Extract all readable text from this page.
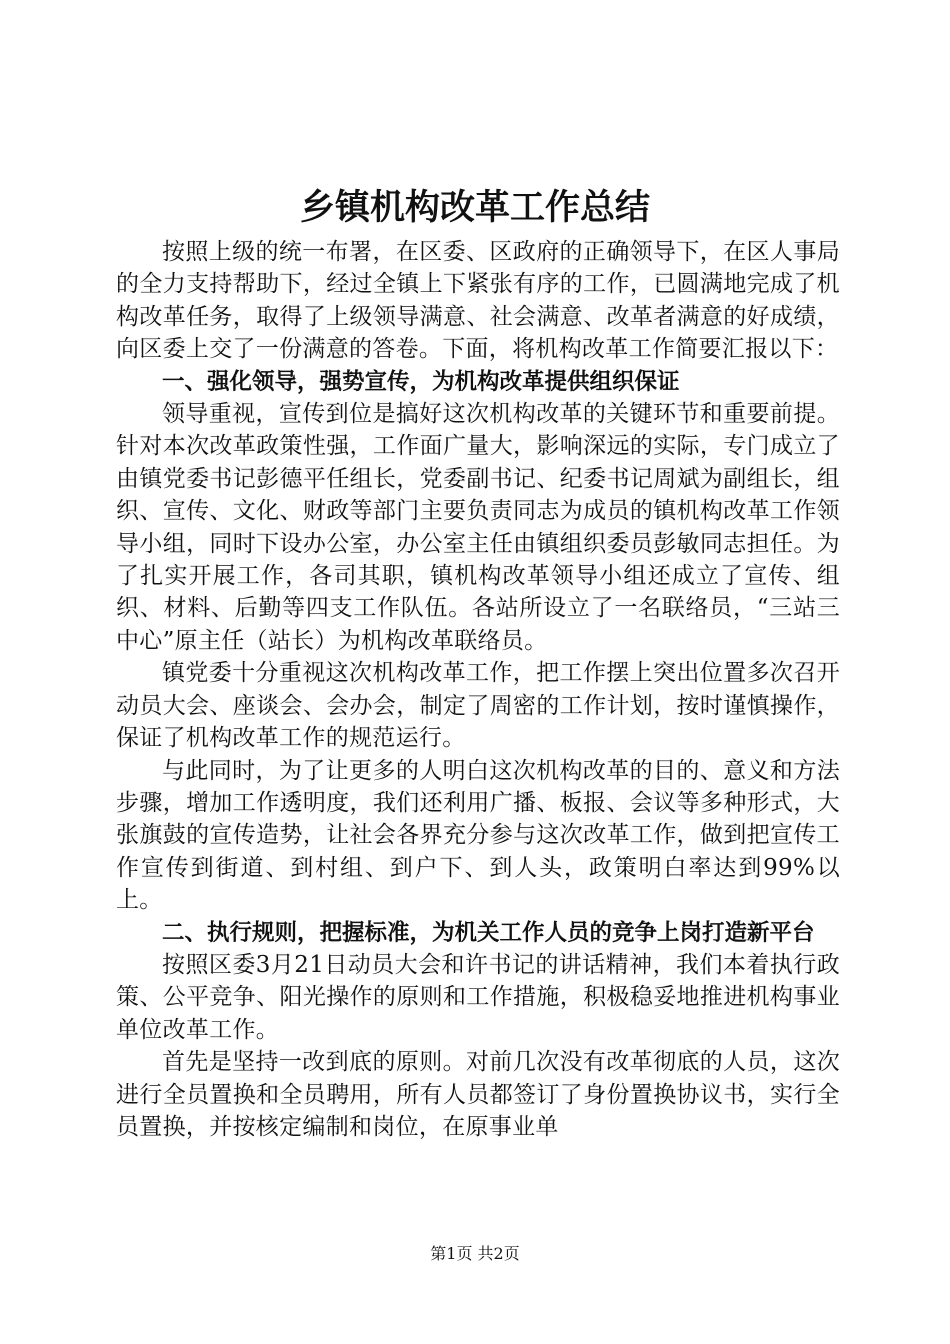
乡镇机构改革工作总结

按照上级的统一布署，在区委、区政府的正确领导下，在区人事局的全力支持帮助下，经过全镇上下紧张有序的工作，已圆满地完成了机构改革任务，取得了上级领导满意、社会满意、改革者满意的好成绩，向区委上交了一份满意的答卷。下面，将机构改革工作简要汇报以下：

一、强化领导，强势宣传，为机构改革提供组织保证

领导重视，宣传到位是搞好这次机构改革的关键环节和重要前提。针对本次改革政策性强，工作面广量大，影响深远的实际，专门成立了由镇党委书记彭德平任组长，党委副书记、纪委书记周斌为副组长，组织、宣传、文化、财政等部门主要负责同志为成员的镇机构改革工作领导小组，同时下设办公室，办公室主任由镇组织委员彭敏同志担任。为了扎实开展工作，各司其职，镇机构改革领导小组还成立了宣传、组织、材料、后勤等四支工作队伍。各站所设立了一名联络员，“三站三中心”原主任（站长）为机构改革联络员。

镇党委十分重视这次机构改革工作，把工作摆上突出位置多次召开动员大会、座谈会、会办会，制定了周密的工作计划，按时谨慎操作，保证了机构改革工作的规范运行。

与此同时，为了让更多的人明白这次机构改革的目的、意义和方法步骤，增加工作透明度，我们还利用广播、板报、会议等多种形式，大张旗鼓的宣传造势，让社会各界充分参与这次改革工作，做到把宣传工作宣传到街道、到村组、到户下、到人头，政策明白率达到99%以上。

二、执行规则，把握标准，为机关工作人员的竞争上岗打造新平台

按照区委3月21日动员大会和许书记的讲话精神，我们本着执行政策、公平竞争、阳光操作的原则和工作措施，积极稳妥地推进机构事业单位改革工作。

首先是坚持一改到底的原则。对前几次没有改革彻底的人员，这次进行全员置换和全员聘用，所有人员都签订了身份置换协议书，实行全员置换，并按核定编制和岗位，在原事业单

第1页 共2页
